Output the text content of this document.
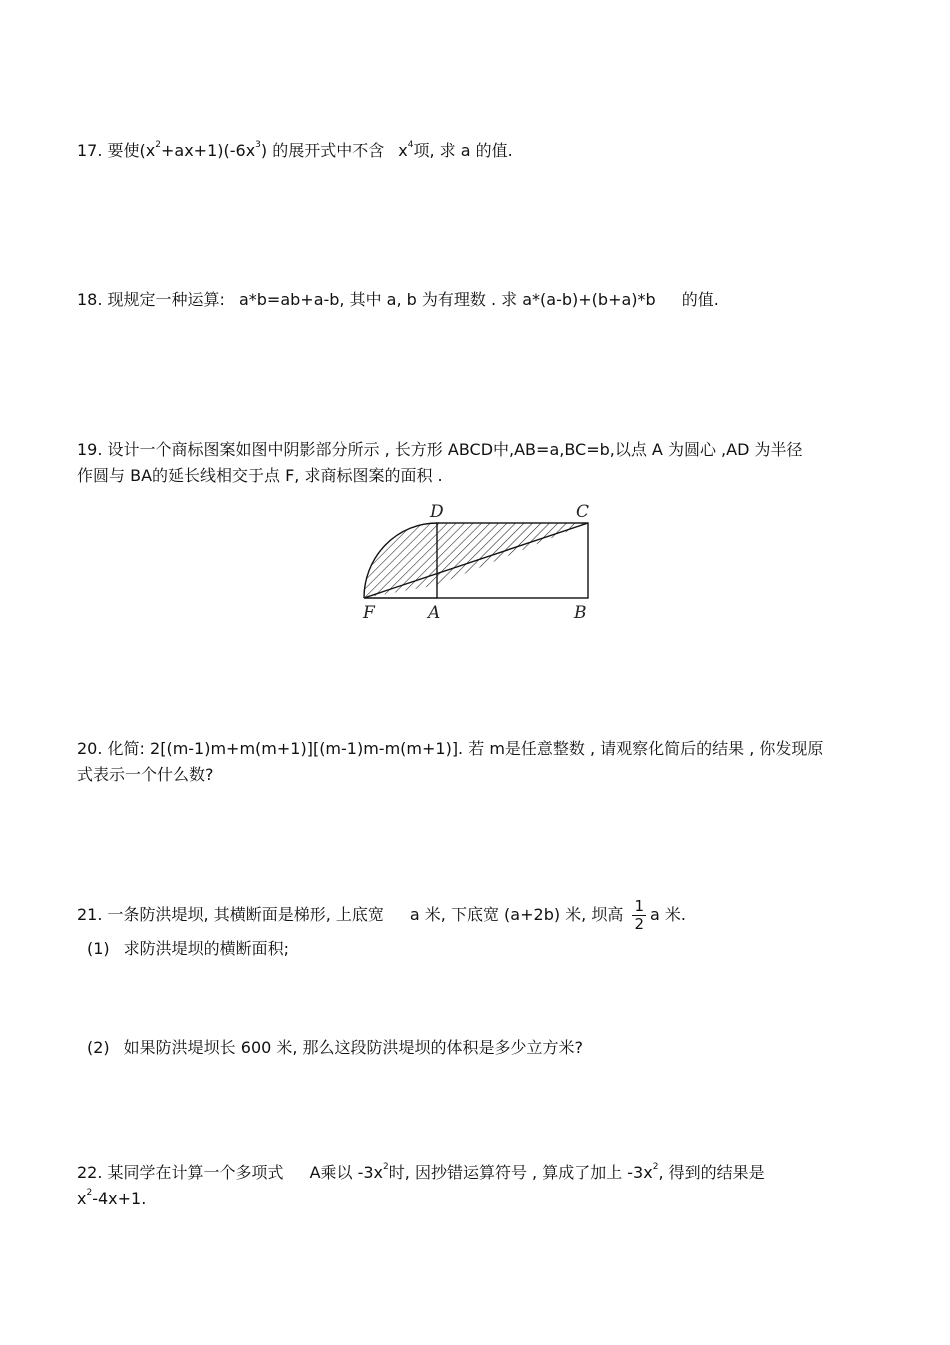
17. 要使$(x^2+ax+1)(-6x^3)$ 的展开式中不含 $x^4$项, 求 a 的值.
18. 现规定一种运算: a*b=ab+a-b, 其中 a, b 为有理数 . 求 a*(a-b)+(b+a)*b 的值.
19. 设计一个商标图案如图中阴影部分所示 , 长方形 ABCD中,AB=a,BC=b,以点 A 为圆心 ,AD 为半径
作圆与 BA的延长线相交于点 F, 求商标图案的面积 .
D	C
F	A	B
20. 化简: 2[(m-1)m+m(m+1)][(m-1)m-m(m+1)]. 若 m是任意整数 , 请观察化简后的结果 , 你发现原
式表示一个什么数?
21. 一条防洪堤坝, 其横断面是梯形, 上底宽 a 米, 下底宽 (a+2b) 米, 坝高 $\frac{1}{2}$ a 米.
(1) 求防洪堤坝的横断面积;
(2) 如果防洪堤坝长 600 米, 那么这段防洪堤坝的体积是多少立方米?
22. 某同学在计算一个多项式 A乘以 $-3x^2$时, 因抄错运算符号 , 算成了加上 $-3x^2$, 得到的结果是
$x^2-4x+1$.
